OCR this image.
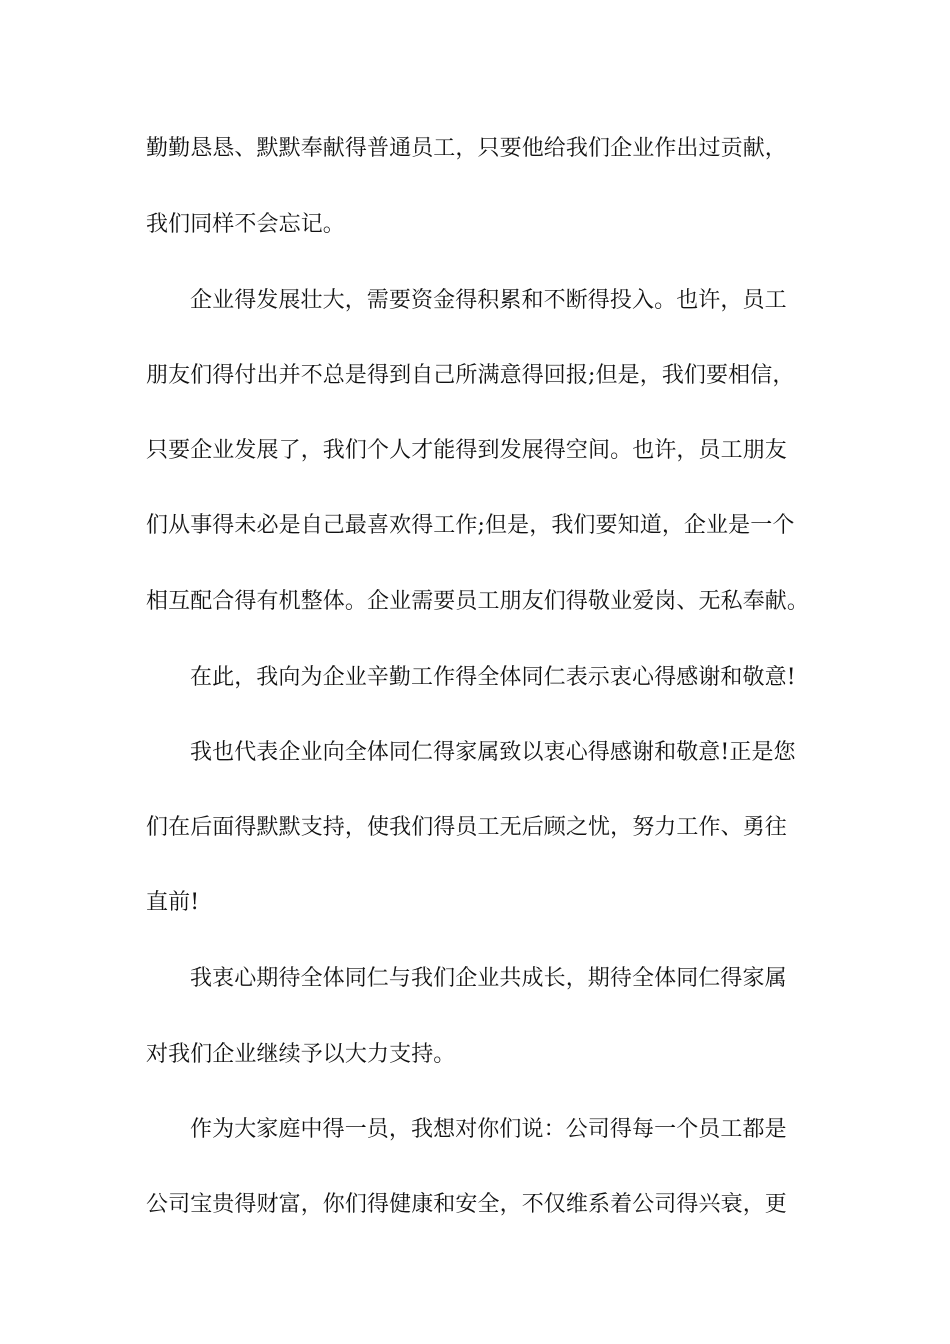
勤勤恳恳、默默奉献得普通员工，只要他给我们企业作出过贡献，
我们同样不会忘记。
企业得发展壮大，需要资金得积累和不断得投入。也许，员工
朋友们得付出并不总是得到自己所满意得回报;但是，我们要相信，
只要企业发展了，我们个人才能得到发展得空间。也许，员工朋友
们从事得未必是自己最喜欢得工作;但是，我们要知道，企业是一个
相互配合得有机整体。企业需要员工朋友们得敬业爱岗、无私奉献。
在此，我向为企业辛勤工作得全体同仁表示衷心得感谢和敬意!
我也代表企业向全体同仁得家属致以衷心得感谢和敬意!正是您
们在后面得默默支持，使我们得员工无后顾之忧，努力工作、勇往
直前!
我衷心期待全体同仁与我们企业共成长，期待全体同仁得家属
对我们企业继续予以大力支持。
作为大家庭中得一员，我想对你们说：公司得每一个员工都是
公司宝贵得财富，你们得健康和安全，不仅维系着公司得兴衰，更
